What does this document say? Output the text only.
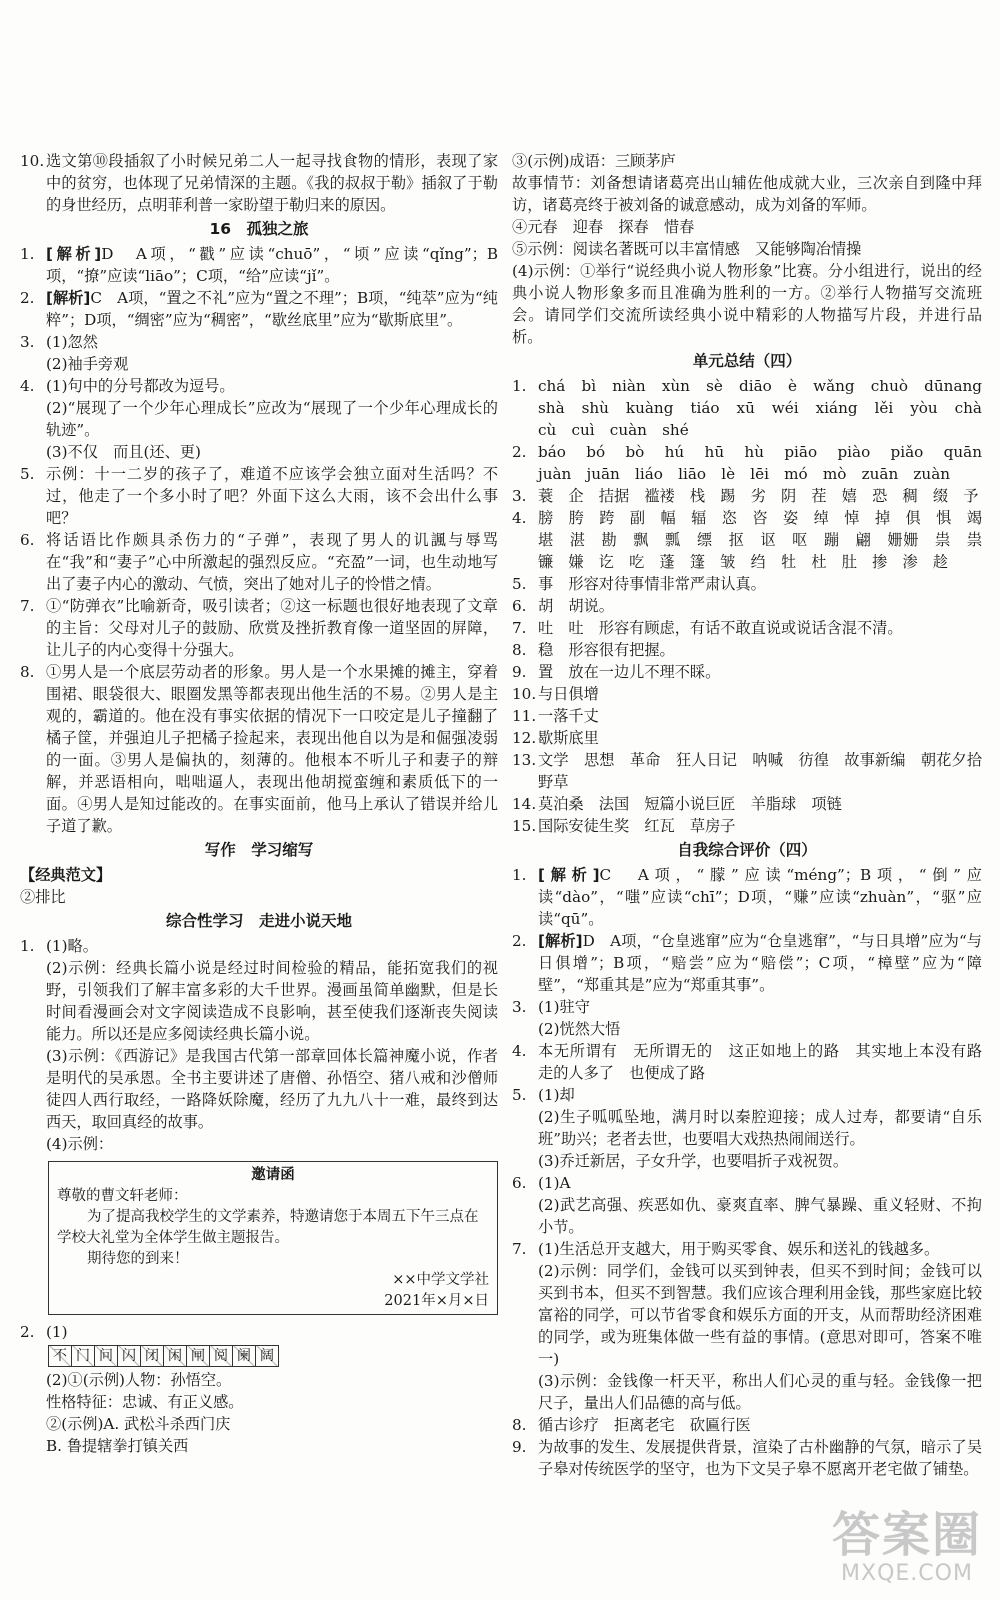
10. 选文第⑩段插叙了小时候兄弟二人一起寻找食物的情形，表现了家中的贫穷，也体现了兄弟情深的主题。《我的叔叔于勒》插叙了于勒的身世经历，点明菲利普一家盼望于勒归来的原因。
16　孤独之旅
1. [解析]D　A项，“戳”应读“chuō”，“顷”应读“qǐng”；B项，“撩”应读“liāo”；C项，“给”应读“jǐ”。
2. [解析]C　A项，“置之不礼”应为“置之不理”；B项，“纯萃”应为“纯粹”；D项，“绸密”应为“稠密”，“歇丝底里”应为“歇斯底里”。
3. (1)忽然
(2)袖手旁观
4. (1)句中的分号都改为逗号。
(2)“展现了一个少年心理成长”应改为“展现了一个少年心理成长的轨迹”。
(3)不仅　而且(还、更)
5. 示例：十一二岁的孩子了，难道不应该学会独立面对生活吗？不过，他走了一个多小时了吧？外面下这么大雨，该不会出什么事吧？
6. 将话语比作颇具杀伤力的“子弹”，表现了男人的讥諷与辱骂在“我”和“妻子”心中所激起的强烈反应。“充盈”一词，也生动地写出了妻子内心的激动、气愤，突出了她对儿子的怜惜之情。
7. ①“防弹衣”比喻新奇，吸引读者；②这一标题也很好地表现了文章的主旨：父母对儿子的鼓励、欣赏及挫折教育像一道坚固的屏障，让儿子的内心变得十分强大。
8. ①男人是一个底层劳动者的形象。男人是一个水果摊的摊主，穿着围裙、眼袋很大、眼圈发黑等都表现出他生活的不易。②男人是主观的，霸道的。他在没有事实依据的情况下一口咬定是儿子撞翻了橘子筐，并强迫儿子把橘子捡起来，表现出他自以为是和倔强凌弱的一面。③男人是偏执的，刻薄的。他根本不听儿子和妻子的辩解，并恶语相向，咄咄逼人，表现出他胡搅蛮缠和素质低下的一面。④男人是知过能改的。在事实面前，他马上承认了错误并给儿子道了歉。
写作　学习缩写
【经典范文】
②排比
综合性学习　走进小说天地
1. (1)略。
(2)示例：经典长篇小说是经过时间检验的精品，能拓宽我们的视野，引领我们了解丰富多彩的大千世界。漫画虽简单幽默，但是长时间看漫画会对文字阅读造成不良影响，甚至使我们逐渐丧失阅读能力。所以还是应多阅读经典长篇小说。
(3)示例：《西游记》是我国古代第一部章回体长篇神魔小说，作者是明代的吴承恩。全书主要讲述了唐僧、孙悟空、猪八戒和沙僧师徒四人西行取经，一路降妖除魔，经历了九九八十一难，最终到达西天，取回真经的故事。
(4)示例：
邀请函
尊敬的曹文轩老师：
为了提高我校学生的文学素养，特邀请您于本周五下午三点在学校大礼堂为全体学生做主题报告。
期待您的到来！
××中学文学社
2021年×月×日
2. (1)
不 门 问 闪 闭 闲 闸 阅 阑 阔
(2)①(示例)人物：孙悟空。
性格特征：忠诚、有正义感。
②(示例)A. 武松斗杀西门庆
B. 鲁提辖拳打镇关西
③(示例)成语：三顾茅庐
故事情节：刘备想请诸葛亮出山辅佐他成就大业，三次亲自到隆中拜访，诸葛亮终于被刘备的诚意感动，成为刘备的军师。
④元春　迎春　探春　惜春
⑤示例：阅读名著既可以丰富情感　又能够陶冶情操
(4)示例：①举行“说经典小说人物形象”比赛。分小组进行，说出的经典小说人物形象多而且准确为胜利的一方。②举行人物描写交流班会。请同学们交流所读经典小说中精彩的人物描写片段，并进行品析。
单元总结（四）
1. chá　bì　niàn　xùn　sè　diāo　è　wǎng　chuò　dūnang　shà　shù　kuàng　tiáo　xū　wéi　xiáng　lěi　yòu　chà　cù　cuì　cuàn　shé
2. báo　bó　bò　hú　hū　hù　piāo　piào　piǎo　quān　juàn　juān　liáo　liāo　lè　lēi　mó　mò　zuān　zuàn
3. 蓑　企　拮据　褴褛　栈　踢　劣　阴　茬　嬉　恐　稠　缀　予
4. 膀　胯　跨　副　幅　辐　恣　咨　姿　绰　悼　掉　俱　惧　竭　堪　湛　勘　飘　瓢　缥　抠　讴　呕　蹦　翩　姗姗　祟　祟　镰　嫌　讫　吃　蓬　篷　皱　绉　牡　杜　肚　掺　渗　趁
5. 事　形容对待事情非常严肃认真。
6. 胡　胡说。
7. 吐　吐　形容有顾虑，有话不敢直说或说话含混不清。
8. 稳　形容很有把握。
9. 置　放在一边儿不理不睬。
10. 与日俱增
11. 一落千丈
12. 歇斯底里
13. 文学　思想　革命　狂人日记　呐喊　彷徨　故事新编　朝花夕拾　野草
14. 莫泊桑　法国　短篇小说巨匠　羊脂球　项链
15. 国际安徒生奖　红瓦　草房子
自我综合评价（四）
1. [解析]C　A项，“朦”应读“méng”；B项，“倒”应读“dào”，“嗤”应读“chī”；D项，“赚”应读“zhuàn”，“驱”应读“qū”。
2. [解析]D　A项，“仓皇逃窜”应为“仓皇逃窜”，“与日具增”应为“与日俱增”；B项，“赔尝”应为“赔偿”；C项，“樟壁”应为“障壁”，“郑重其是”应为“郑重其事”。
3. (1)驻守
(2)恍然大悟
4. 本无所谓有　无所谓无的　这正如地上的路　其实地上本没有路　走的人多了　也便成了路
5. (1)却
(2)生子呱呱坠地，满月时以秦腔迎接；成人过寿，都要请“自乐班”助兴；老者去世，也要唱大戏热热闹闹送行。
(3)乔迁新居，子女升学，也要唱折子戏祝贺。
6. (1)A
(2)武艺高强、疾恶如仇、豪爽直率、脾气暴躁、重义轻财、不拘小节。
7. (1)生活总开支越大，用于购买零食、娱乐和送礼的钱越多。
(2)示例：同学们，金钱可以买到钟表，但买不到时间；金钱可以买到书本，但买不到智慧。我们应该合理利用金钱，那些家庭比较富裕的同学，可以节省零食和娱乐方面的开支，从而帮助经济困难的同学，或为班集体做一些有益的事情。(意思对即可，答案不唯一)
(3)示例：金钱像一杆天平，称出人们心灵的重与轻。金钱像一把尺子，量出人们品德的高与低。
8. 循古诊疗　拒离老宅　砍匾行医
9. 为故事的发生、发展提供背景，渲染了古朴幽静的气氛，暗示了吴子皋对传统医学的坚守，也为下文吴子皋不愿离开老宅做了铺垫。
答案圈
MXQE.COM
